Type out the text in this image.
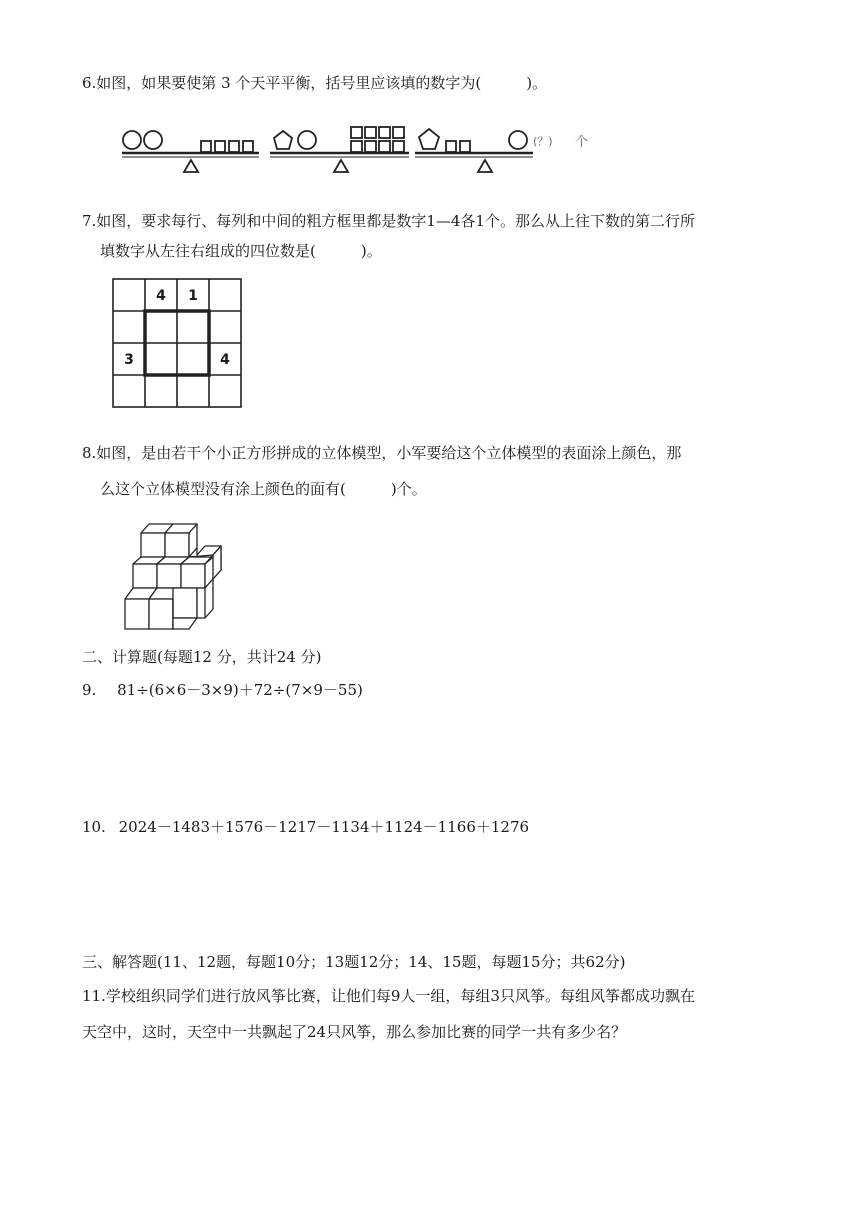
6.如图，如果要使第 3 个天平平衡，括号里应该填的数字为(　　　)。
(？) 个
7.如图，要求每行、每列和中间的粗方框里都是数字1—4各1个。那么从上往下数的第二行所
填数字从左往右组成的四位数是(　　　)。
4 1
3	4
8.如图，是由若干个小正方形拼成的立体模型，小军要给这个立体模型的表面涂上颜色，那
么这个立体模型没有涂上颜色的面有(　　　)个。
二、计算题(每题12 分，共计24 分)
9. 81÷(6×6－3×9)＋72÷(7×9－55)
10. 2024－1483＋1576－1217－1134＋1124－1166＋1276
三、解答题(11、12题，每题10分；13题12分；14、15题，每题15分；共62分)
11.学校组织同学们进行放风筝比赛，让他们每9人一组，每组3只风筝。每组风筝都成功飘在
天空中，这时，天空中一共飘起了24只风筝，那么参加比赛的同学一共有多少名？
